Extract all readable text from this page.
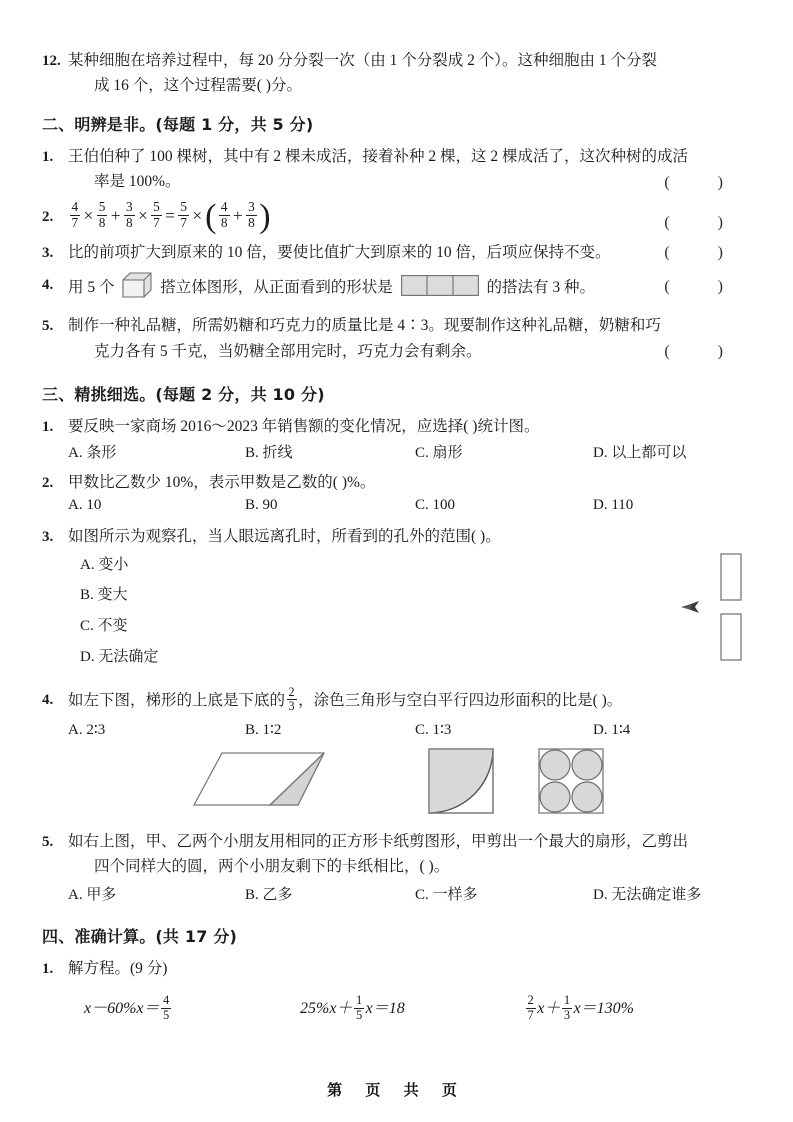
12. 某种细胞在培养过程中，每 20 分分裂一次（由 1 个分裂成 2 个）。这种细胞由 1 个分裂
成 16 个，这个过程需要( )分。
二、明辨是非。(每题 1 分，共 5 分)
1. 王伯伯种了 100 棵树，其中有 2 棵未成活，接着补种 2 棵，这 2 棵成活了，这次种树的成活
率是 100%。	( )
2.	$\frac{4}{7} \times \frac{5}{8} + \frac{3}{8} \times \frac{5}{7} = \frac{5}{7}$ × ( $\frac{4}{8} + \frac{3}{8}$ )	( )
3. 比的前项扩大到原来的 10 倍，要使比值扩大到原来的 10 倍，后项应保持不变。	( )
4. 用 5 个	搭立体图形，从正面看到的形状是	的搭法有 3 种。	( )
5. 制作一种礼品糖，所需奶糖和巧克力的质量比是 4∶3。现要制作这种礼品糖，奶糖和巧
克力各有 5 千克，当奶糖全部用完时，巧克力会有剩余。	( )
三、精挑细选。(每题 2 分，共 10 分)
1. 要反映一家商场 2016～2023 年销售额的变化情况，应选择( )统计图。
A. 条形	B. 折线	C. 扇形	D. 以上都可以
2. 甲数比乙数少 10%，表示甲数是乙数的( )%。
A. 10	B. 90	C. 100	D. 110
3. 如图所示为观察孔，当人眼远离孔时，所看到的孔外的范围( )。
A. 变小
B. 变大
C. 不变
D. 无法确定
4. 如左下图，梯形的上底是下底的 $\frac{2}{3}$ ，涂色三角形与空白平行四边形面积的比是( )。
A. 2∶3	B. 1∶2	C. 1∶3	D. 1∶4
5. 如右上图，甲、乙两个小朋友用相同的正方形卡纸剪图形，甲剪出一个最大的扇形，乙剪出
四个同样大的圆，两个小朋友剩下的卡纸相比，( )。
A. 甲多	B. 乙多	C. 一样多	D. 无法确定谁多
四、准确计算。(共 17 分)
1. 解方程。(9 分)
$x-60\%x= \frac{4}{5}$	$25\%x+ \frac{1}{5} x=18$	$\frac{2}{7} x+ \frac{1}{3} x=130\%$
第 页 共 页
